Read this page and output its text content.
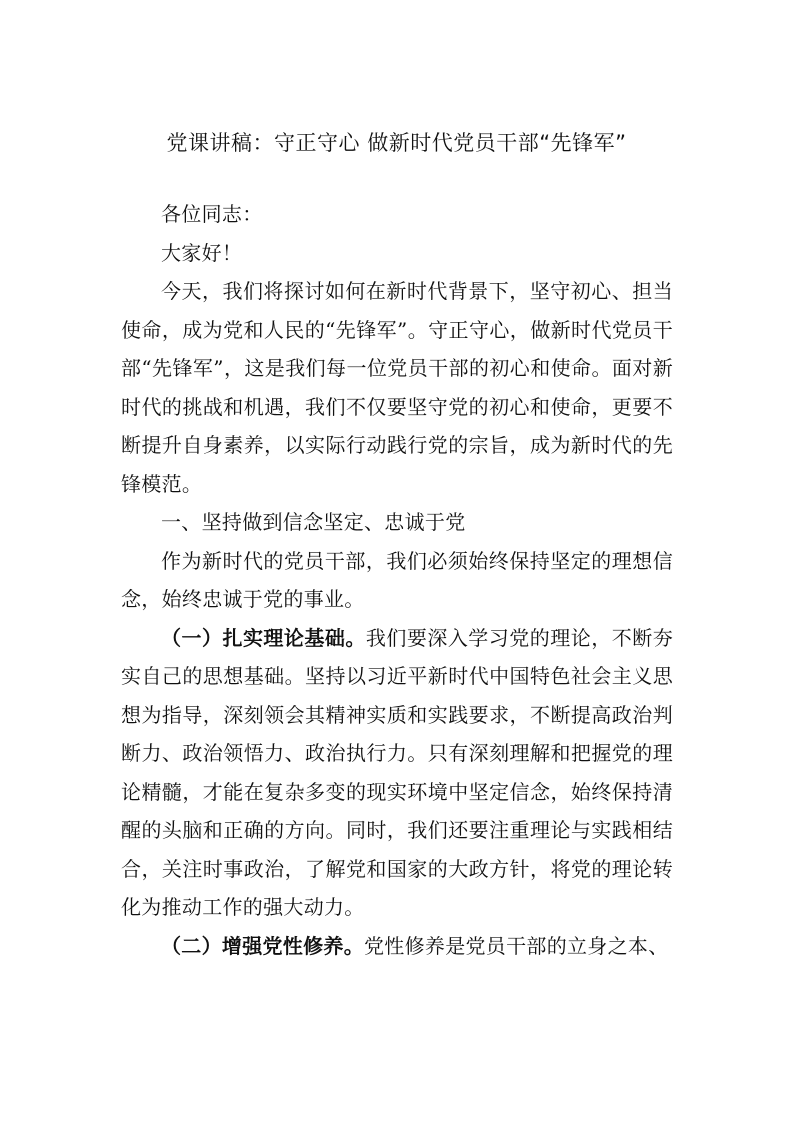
党课讲稿：守正守心 做新时代党员干部“先锋军”

各位同志：

大家好！

今天，我们将探讨如何在新时代背景下，坚守初心、担当使命，成为党和人民的“先锋军”。守正守心，做新时代党员干部“先锋军”，这是我们每一位党员干部的初心和使命。面对新时代的挑战和机遇，我们不仅要坚守党的初心和使命，更要不断提升自身素养，以实际行动践行党的宗旨，成为新时代的先锋模范。

一、坚持做到信念坚定、忠诚于党

作为新时代的党员干部，我们必须始终保持坚定的理想信念，始终忠诚于党的事业。

（一）扎实理论基础。我们要深入学习党的理论，不断夯实自己的思想基础。坚持以习近平新时代中国特色社会主义思想为指导，深刻领会其精神实质和实践要求，不断提高政治判断力、政治领悟力、政治执行力。只有深刻理解和把握党的理论精髓，才能在复杂多变的现实环境中坚定信念，始终保持清醒的头脑和正确的方向。同时，我们还要注重理论与实践相结合，关注时事政治，了解党和国家的大政方针，将党的理论转化为推动工作的强大动力。

（二）增强党性修养。党性修养是党员干部的立身之本、
